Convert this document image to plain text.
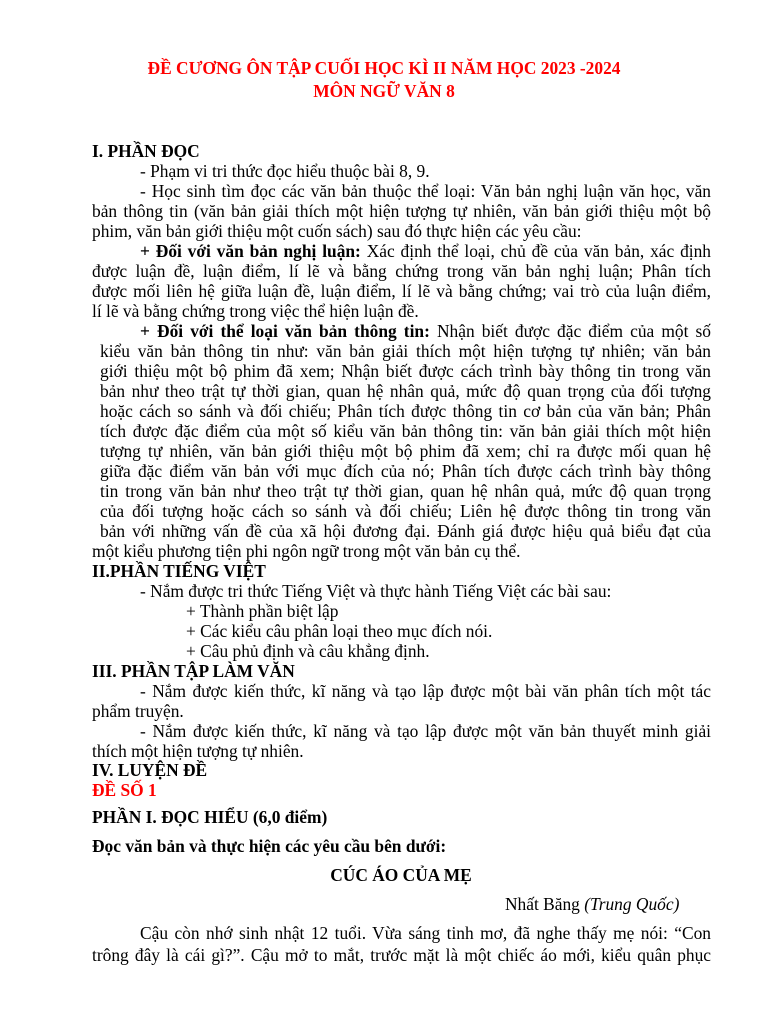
ĐỀ CƯƠNG ÔN TẬP CUỐI HỌC KÌ II NĂM HỌC 2023 -2024
MÔN NGỮ VĂN 8
I. PHẦN ĐỌC
- Phạm vi tri thức đọc hiểu thuộc bài 8, 9.
- Học sinh tìm đọc các văn bản thuộc thể loại: Văn bản nghị luận văn học, văn
bản thông tin (văn bản giải thích một hiện tượng tự nhiên, văn bản giới thiệu một bộ
phim, văn bản giới thiệu một cuốn sách) sau đó thực hiện các yêu cầu:
+ Đối với văn bản nghị luận: Xác định thể loại, chủ đề của văn bản, xác định
được luận đề, luận điểm, lí lẽ và bằng chứng trong văn bản nghị luận; Phân tích
được mối liên hệ giữa luận đề, luận điểm, lí lẽ và bằng chứng; vai trò của luận điểm,
lí lẽ và bằng chứng trong việc thể hiện luận đề.
+ Đối với thể loại văn bản thông tin: Nhận biết được đặc điểm của một số
kiểu văn bản thông tin như: văn bản giải thích một hiện tượng tự nhiên; văn bản
giới thiệu một bộ phim đã xem; Nhận biết được cách trình bày thông tin trong văn
bản như theo trật tự thời gian, quan hệ nhân quả, mức độ quan trọng của đối tượng
hoặc cách so sánh và đối chiếu; Phân tích được thông tin cơ bản của văn bản; Phân
tích được đặc điểm của một số kiểu văn bản thông tin: văn bản giải thích một hiện
tượng tự nhiên, văn bản giới thiệu một bộ phim đã xem; chỉ ra được mối quan hệ
giữa đặc điểm văn bản với mục đích của nó; Phân tích được cách trình bày thông
tin trong văn bản như theo trật tự thời gian, quan hệ nhân quả, mức độ quan trọng
của đối tượng hoặc cách so sánh và đối chiếu; Liên hệ được thông tin trong văn
bản với những vấn đề của xã hội đương đại. Đánh giá được hiệu quả biểu đạt của
một kiểu phương tiện phi ngôn ngữ trong một văn bản cụ thể.
II.PHẦN TIẾNG VIỆT
- Nắm được tri thức Tiếng Việt và thực hành Tiếng Việt các bài sau:
+ Thành phần biệt lập
+ Các kiểu câu phân loại theo mục đích nói.
+ Câu phủ định và câu khẳng định.
III. PHẦN TẬP LÀM VĂN
- Nắm được kiến thức, kĩ năng và tạo lập được một bài văn phân tích một tác
phẩm truyện.
- Nắm được kiến thức, kĩ năng và tạo lập được một văn bản thuyết minh giải
thích một hiện tượng tự nhiên.
IV. LUYỆN ĐỀ
ĐỀ SỐ 1
PHẦN I. ĐỌC HIỂU (6,0 điểm)
Đọc văn bản và thực hiện các yêu cầu bên dưới:
CÚC ÁO CỦA MẸ
Nhất Băng (Trung Quốc)
Cậu còn nhớ sinh nhật 12 tuổi. Vừa sáng tinh mơ, đã nghe thấy mẹ nói: “Con
trông đây là cái gì?”. Cậu mở to mắt, trước mặt là một chiếc áo mới, kiểu quân phục
